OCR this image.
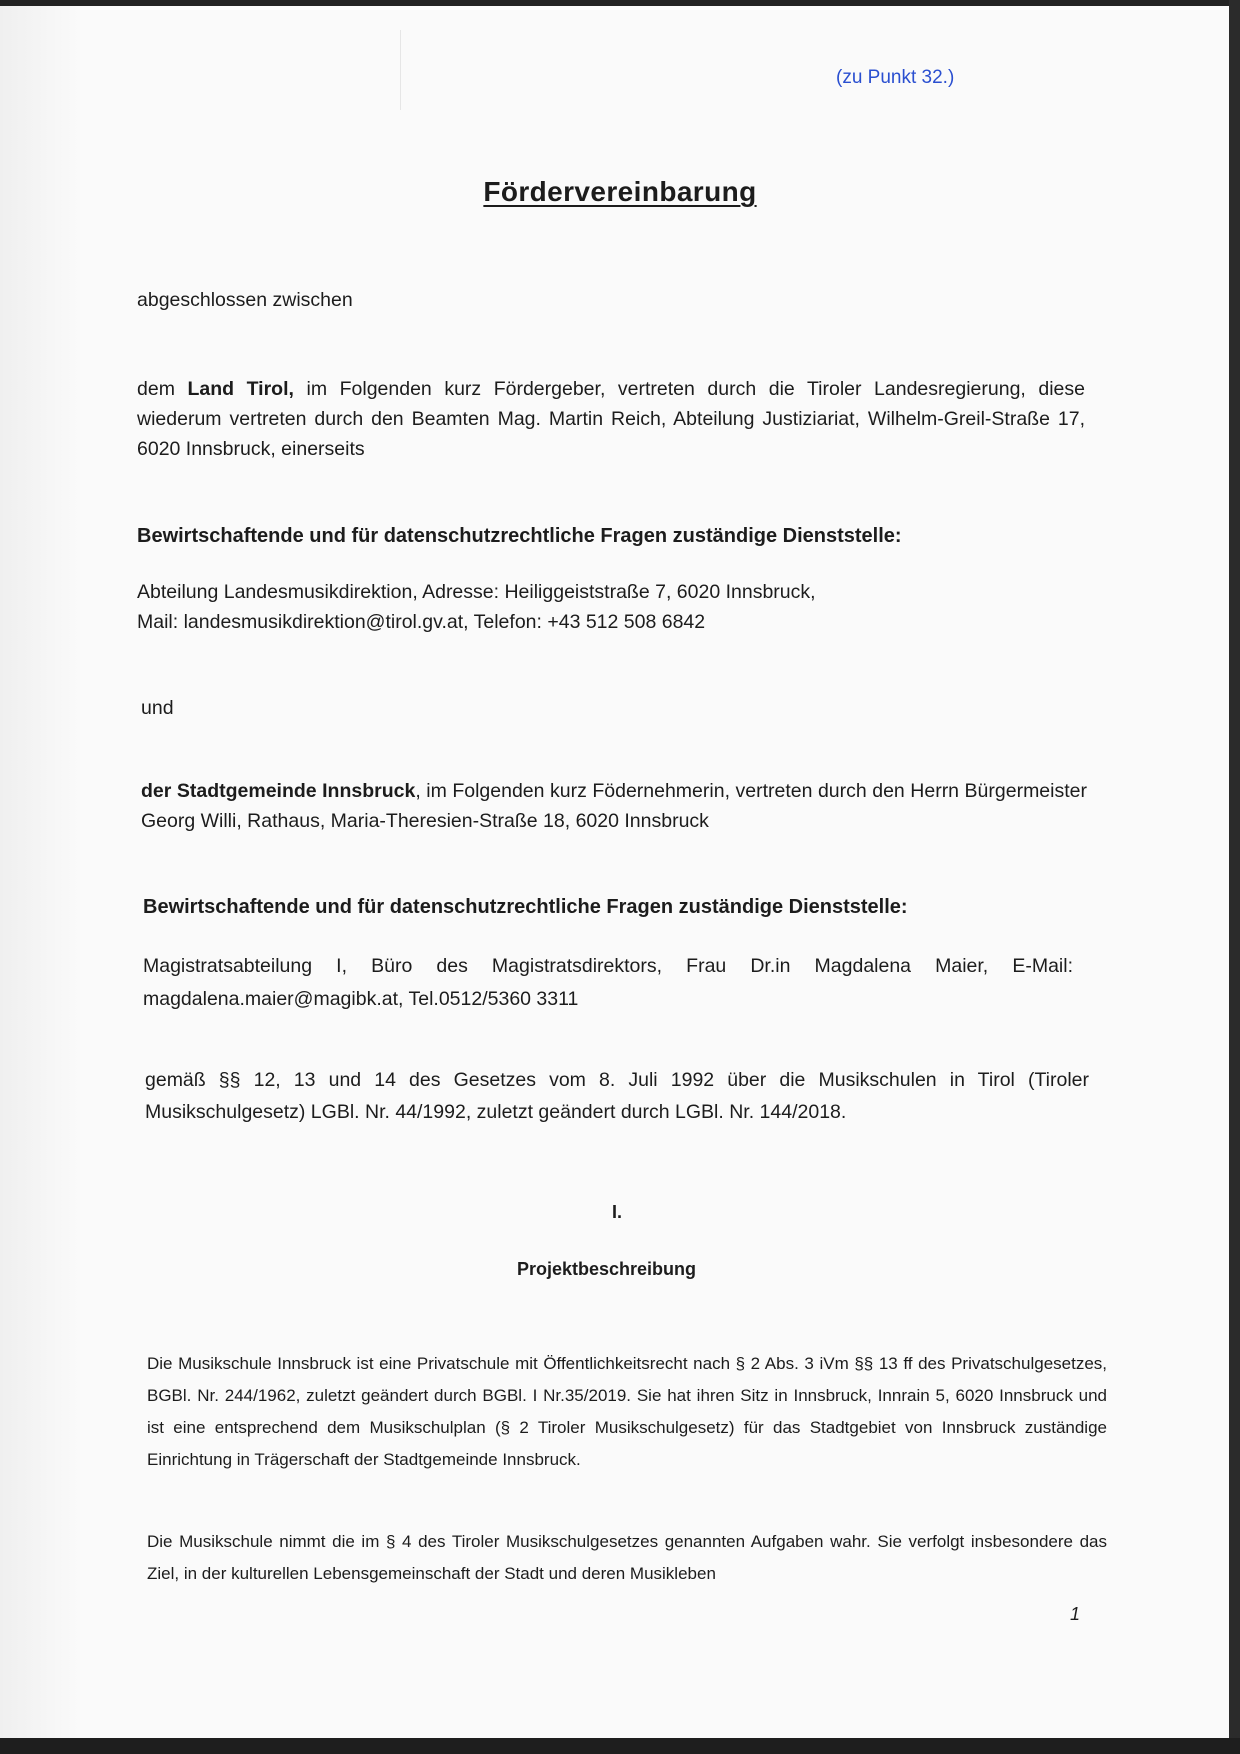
(zu Punkt 32.)

Fördervereinbarung

abgeschlossen zwischen

dem Land Tirol, im Folgenden kurz Fördergeber, vertreten durch die Tiroler Landesregierung, diese wiederum vertreten durch den Beamten Mag. Martin Reich, Abteilung Justiziariat, Wilhelm-Greil-Straße 17, 6020 Innsbruck, einerseits

Bewirtschaftende und für datenschutzrechtliche Fragen zuständige Dienststelle:

Abteilung Landesmusikdirektion, Adresse: Heiliggeiststraße 7, 6020 Innsbruck,

Mail: landesmusikdirektion@tirol.gv.at, Telefon: +43 512 508 6842

und

der Stadtgemeinde Innsbruck, im Folgenden kurz Födernehmerin, vertreten durch den Herrn Bürgermeister Georg Willi, Rathaus, Maria-Theresien-Straße 18, 6020 Innsbruck

Bewirtschaftende und für datenschutzrechtliche Fragen zuständige Dienststelle:

Magistratsabteilung I, Büro des Magistratsdirektors, Frau Dr.in Magdalena Maier, E-Mail: magdalena.maier@magibk.at, Tel.0512/5360 3311

gemäß §§ 12, 13 und 14 des Gesetzes vom 8. Juli 1992 über die Musikschulen in Tirol (Tiroler Musikschulgesetz) LGBl. Nr. 44/1992, zuletzt geändert durch LGBl. Nr. 144/2018.

I.

Projektbeschreibung

Die Musikschule Innsbruck ist eine Privatschule mit Öffentlichkeitsrecht nach § 2 Abs. 3 iVm §§ 13 ff des Privatschulgesetzes, BGBl. Nr. 244/1962, zuletzt geändert durch BGBl. I Nr.35/2019. Sie hat ihren Sitz in Innsbruck, Innrain 5, 6020 Innsbruck und ist eine entsprechend dem Musikschulplan (§ 2 Tiroler Musikschulgesetz) für das Stadtgebiet von Innsbruck zuständige Einrichtung in Trägerschaft der Stadtgemeinde Innsbruck.

Die Musikschule nimmt die im § 4 des Tiroler Musikschulgesetzes genannten Aufgaben wahr. Sie verfolgt insbesondere das Ziel, in der kulturellen Lebensgemeinschaft der Stadt und deren Musikleben

1
